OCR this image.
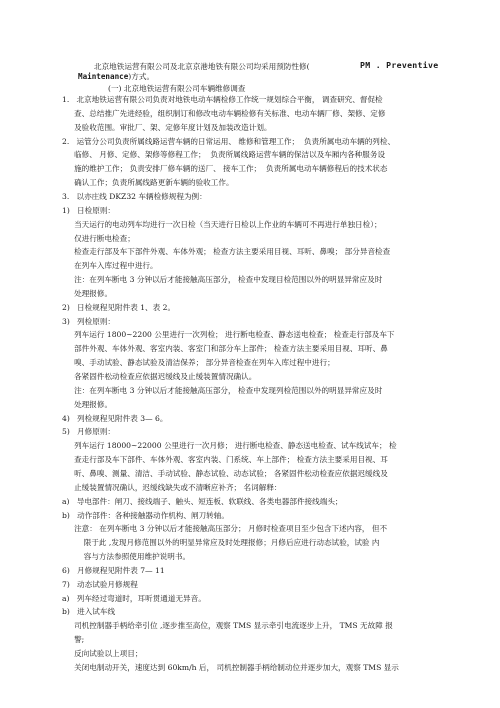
北京地铁运营有限公司及北京京港地铁有限公司均采用预防性修(	PM . Preventive
Maintenance)方式。
(一) 北京地铁运营有限公司车辆维修调查
1.   北京地铁运营有限公司负责对地铁电动车辆检修工作统一规划综合平衡， 调查研究、督促检
查、总结推广先进经验，组织制订和修改电动车辆检修有关标准、电动车辆厂修、架修、定修
及验收范围。审批厂、架、定修年度计划及加装改造计划。
2.   运管分公司负责所属线路运营车辆的日常运用、 维修和管理工作；  负责所属电动车辆的列检、
临修、 月修、定修、架修等修程工作；  负责所属线路运营车辆的保洁以及车厢内各种服务设
施的维护工作； 负责安排厂修车辆的送厂、 接车工作；  负责所属电动车辆修程后的技术状态
确认工作；负责所属线路更新车辆的验收工作。
3.   以亦庄线 DKZ32 车辆检修规程为例：
1)   日检原则：
当天运行的电动列车均进行一次日检（当天进行日检以上作业的车辆可不再进行单独日检）；
仅进行断电检查；
检查走行部及车下部件外观、车体外观； 检查方法主要采用目视、耳听、鼻嗅； 部分异音检查
在列车入库过程中进行。
注：在列车断电 3 分钟以后才能接触高压部分， 检查中发现目检范围以外的明显异常应及时
处理报修。
2)   日检规程见附件表 1、表 2。
3)   列检原则：
列车运行 1800~2200 公里进行一次列检； 进行断电检查、静态送电检查； 检查走行部及车下
部件外观、车体外观、客室内装、客室门和部分车上部件； 检查方法主要采用目视、耳听、鼻
嗅、手动试验、静态试验及清洁保养； 部分异音检查在列车入库过程中进行；
各紧固件松动检查应依据迟缓线及止缓装置情况确认。
注：在列车断电 3 分钟以后才能接触高压部分， 检查中发现列检范围以外的明显异常应及时
处理报修。
4)   列检规程见附件表 3— 6。
5)   月修原则：
列车运行 18000~22000 公里进行一次月修； 进行断电检查、静态送电检查、试车线试车； 检
查走行部及车下部件、车体外观、客室内装、门系统、车上部件； 检查方法主要采用目视、耳
听、鼻嗅、测量、清洁、手动试验、静态试验、动态试验； 各紧固件松动检查应依据迟缓线及
止缓装置情况确认，迟缓线缺失或不清晰应补齐； 名词解释：
a)   导电部件：闸刀、接线端子、触头、短连板、软联线、各类电器部件接线端头；
b)   动作部件：各种接触器动作机构、闸刀转轴。
注意： 在列车断电 3 分钟以后才能接触高压部分； 月修时检查项目至少包含下述内容， 但不
限于此 ,发现月修范围以外的明显异常应及时处理报修；月修后应进行动态试验，试验 内
容与方法参照使用维护说明书。
6)   月修规程见附件表 7— 11
7)   动态试验月修规程
a)   列车经过弯道时，耳听贯通道无异音。
b)   进入试车线
司机控制器手柄给牵引位 ,逐步推至高位，观察 TMS 显示牵引电流逐步上升， TMS 无故障 报
警;
反向试验以上项目；
关闭电制动开关，速度达到 60km/h 后， 司机控制器手柄给制动位并逐步加大，观察 TMS 显示
